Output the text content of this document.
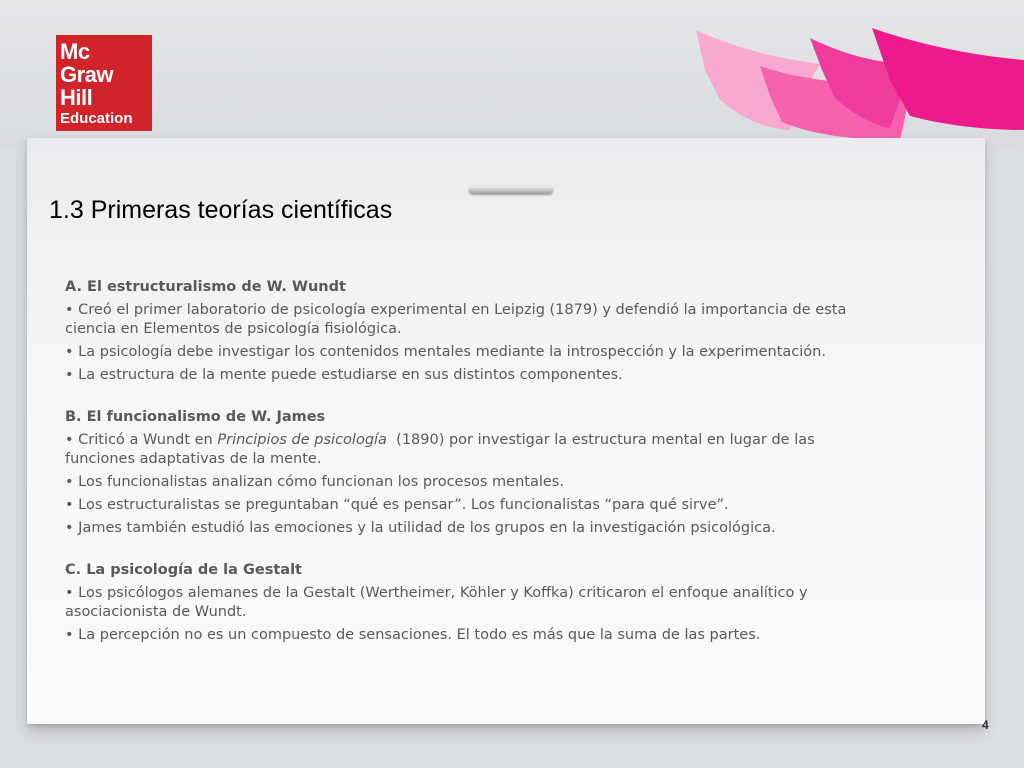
Mc
Graw
Hill
Education
1.3 Primeras teorías científicas

A. El estructuralismo de W. Wundt

• Creó el primer laboratorio de psicología experimental en Leipzig (1879) y defendió la importancia de esta ciencia en Elementos de psicología fisiológica.

• La psicología debe investigar los contenidos mentales mediante la introspección y la experimentación.

• La estructura de la mente puede estudiarse en sus distintos componentes.

B. El funcionalismo de W. James

• Criticó a Wundt en Principios de psicología  (1890) por investigar la estructura mental en lugar de las funciones adaptativas de la mente.

• Los funcionalistas analizan cómo funcionan los procesos mentales.

• Los estructuralistas se preguntaban “qué es pensar”. Los funcionalistas “para qué sirve”.

• James también estudió las emociones y la utilidad de los grupos en la investigación psicológica.

C. La psicología de la Gestalt

• Los psicólogos alemanes de la Gestalt (Wertheimer, Köhler y Koffka) criticaron el enfoque analítico y asociacionista de Wundt.

• La percepción no es un compuesto de sensaciones. El todo es más que la suma de las partes.

4
